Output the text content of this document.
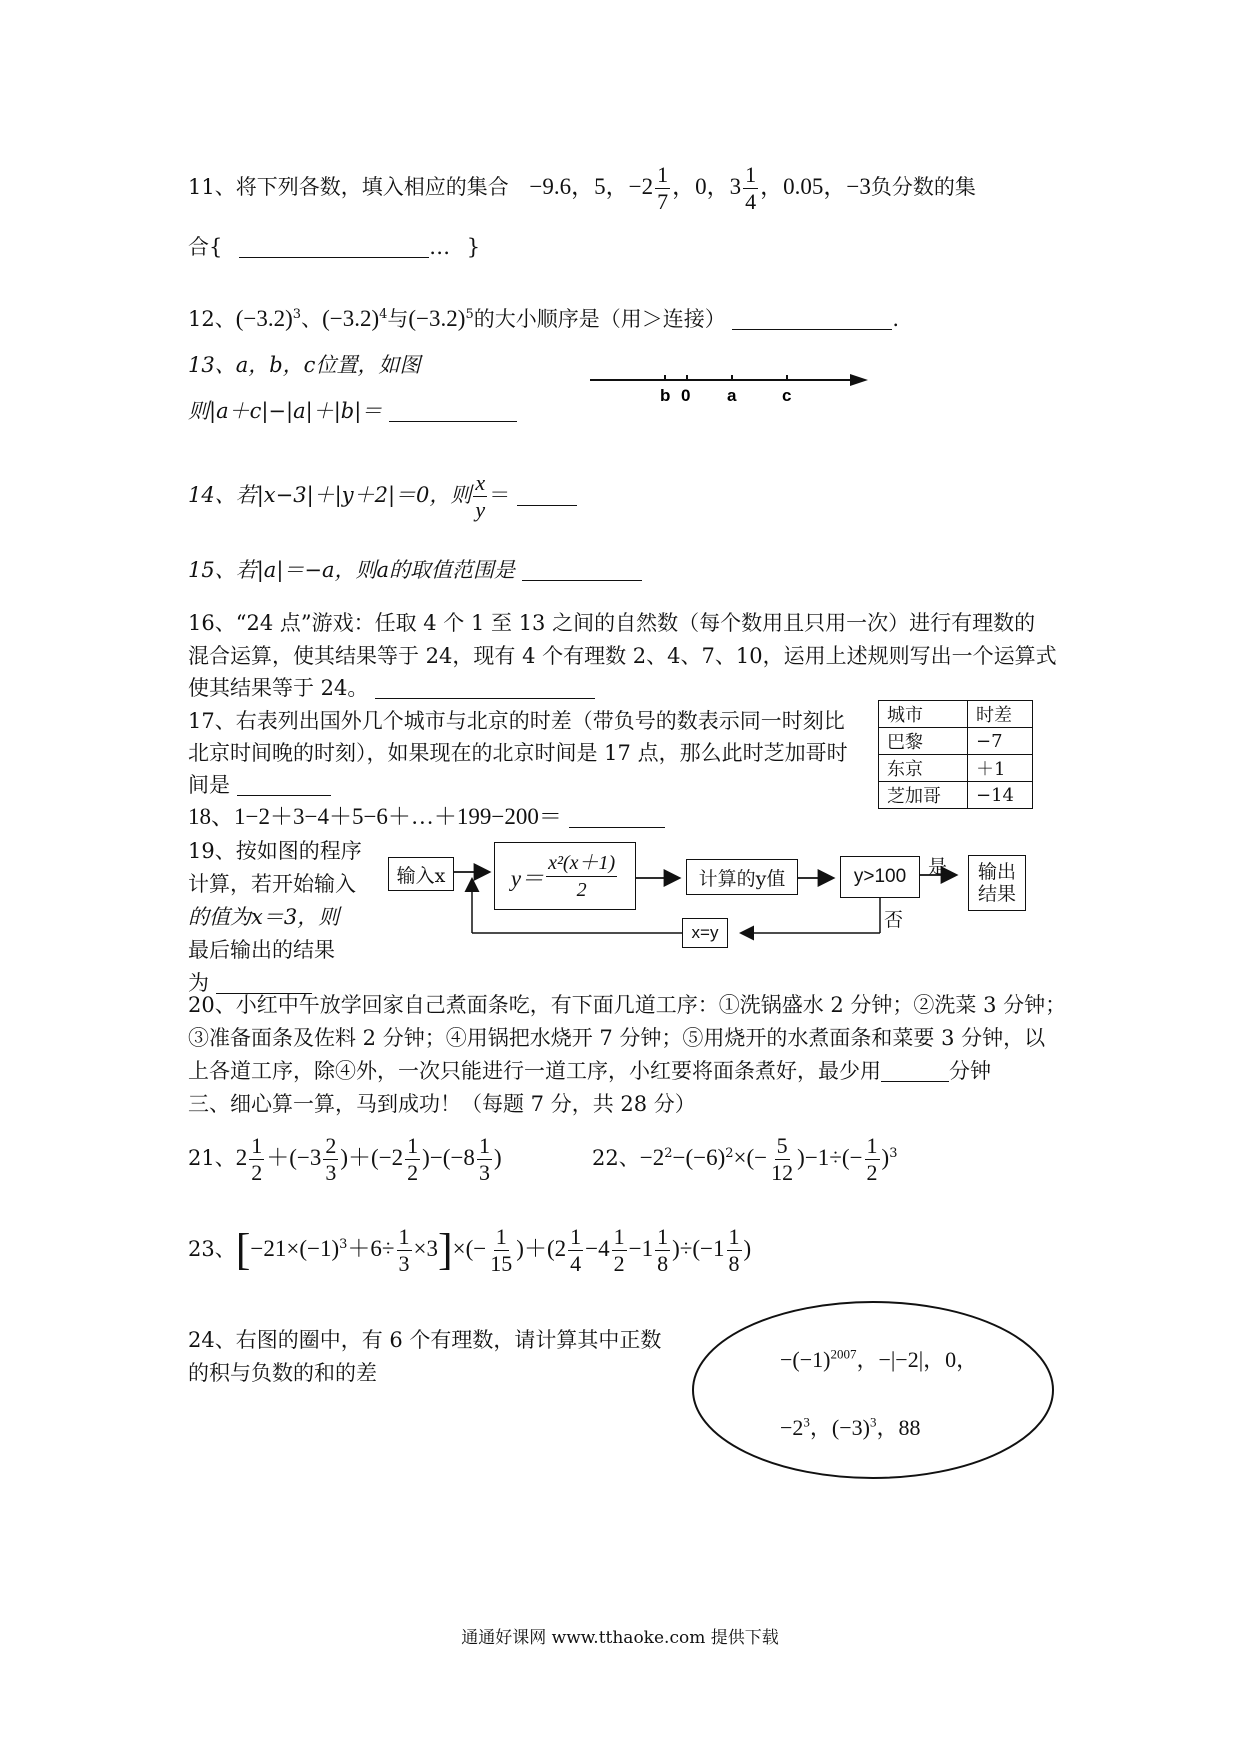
11、将下列各数，填入相应的集合 −9.6，5，$-2 \frac{1}{7}$ ，0，$3 \frac{1}{4}$ ，0.05，−3负分数的集
合{	… }
12、$(-3.2)^3$、$(-3.2)^4$与$(-3.2)^5$的大小顺序是（用＞连接）	.
13、a，b，c位置，如图
则|a＋c|−|a|＋|b|＝
b 0 a	c
14、若|x−3|＋|y＋2|＝0，则 $\frac{x}{y}$ ＝
15、若|a|＝−a，则a的取值范围是
16、“24 点”游戏：任取 4 个 1 至 13 之间的自然数（每个数用且只用一次）进行有理数的
混合运算，使其结果等于 24，现有 4 个有理数 2、4、7、10，运用上述规则写出一个运算式
使其结果等于 24。
17、右表列出国外几个城市与北京的时差（带负号的数表示同一时刻比
北京时间晚的时刻），如果现在的北京时间是 17 点，那么此时芝加哥时
间是
城市	时差
巴黎	−7
东京	＋1
芝加哥	−14
18、1−2＋3−4＋5−6＋…＋199−200＝
19、按如图的程序
计算，若开始输入
的值为x＝3，则
最后输出的结果
为
输入x	$y= \frac{\text{x²(x＋1)}}{2}$	计算的y值	y>100	是 输出
结果
否
x=y
20、小红中午放学回家自己煮面条吃，有下面几道工序：①洗锅盛水 2 分钟；②洗菜 3 分钟；
③准备面条及佐料 2 分钟；④用锅把水烧开 7 分钟；⑤用烧开的水煮面条和菜要 3 分钟，以
上各道工序，除④外，一次只能进行一道工序，小红要将面条煮好，最少用	分钟
三、细心算一算，马到成功！（每题 7 分，共 28 分）
21、$2 \frac{1}{2} +(-3 \frac{2}{3} )+(-2 \frac{1}{2} )-(-8 \frac{1}{3}$ )	22、$-2^2-(-6)^2\times(- \frac{5}{12} )-1\div(- \frac{1}{2} )^3$
23、$[-21\times(-1)^3+6\div \frac{1}{3} \times 3]\times(- \frac{1}{15} )+(2 \frac{1}{4} -4 \frac{1}{2} -1 \frac{1}{8} )\div(-1 \frac{1}{8}$ )
24、右图的圈中，有 6 个有理数，请计算其中正数
的积与负数的和的差
$-(-1)^{2007}$，−|−2|，0，
$-2^3$，$(-3)^3$，88
通通好课网 www.tthaoke.com 提供下载
